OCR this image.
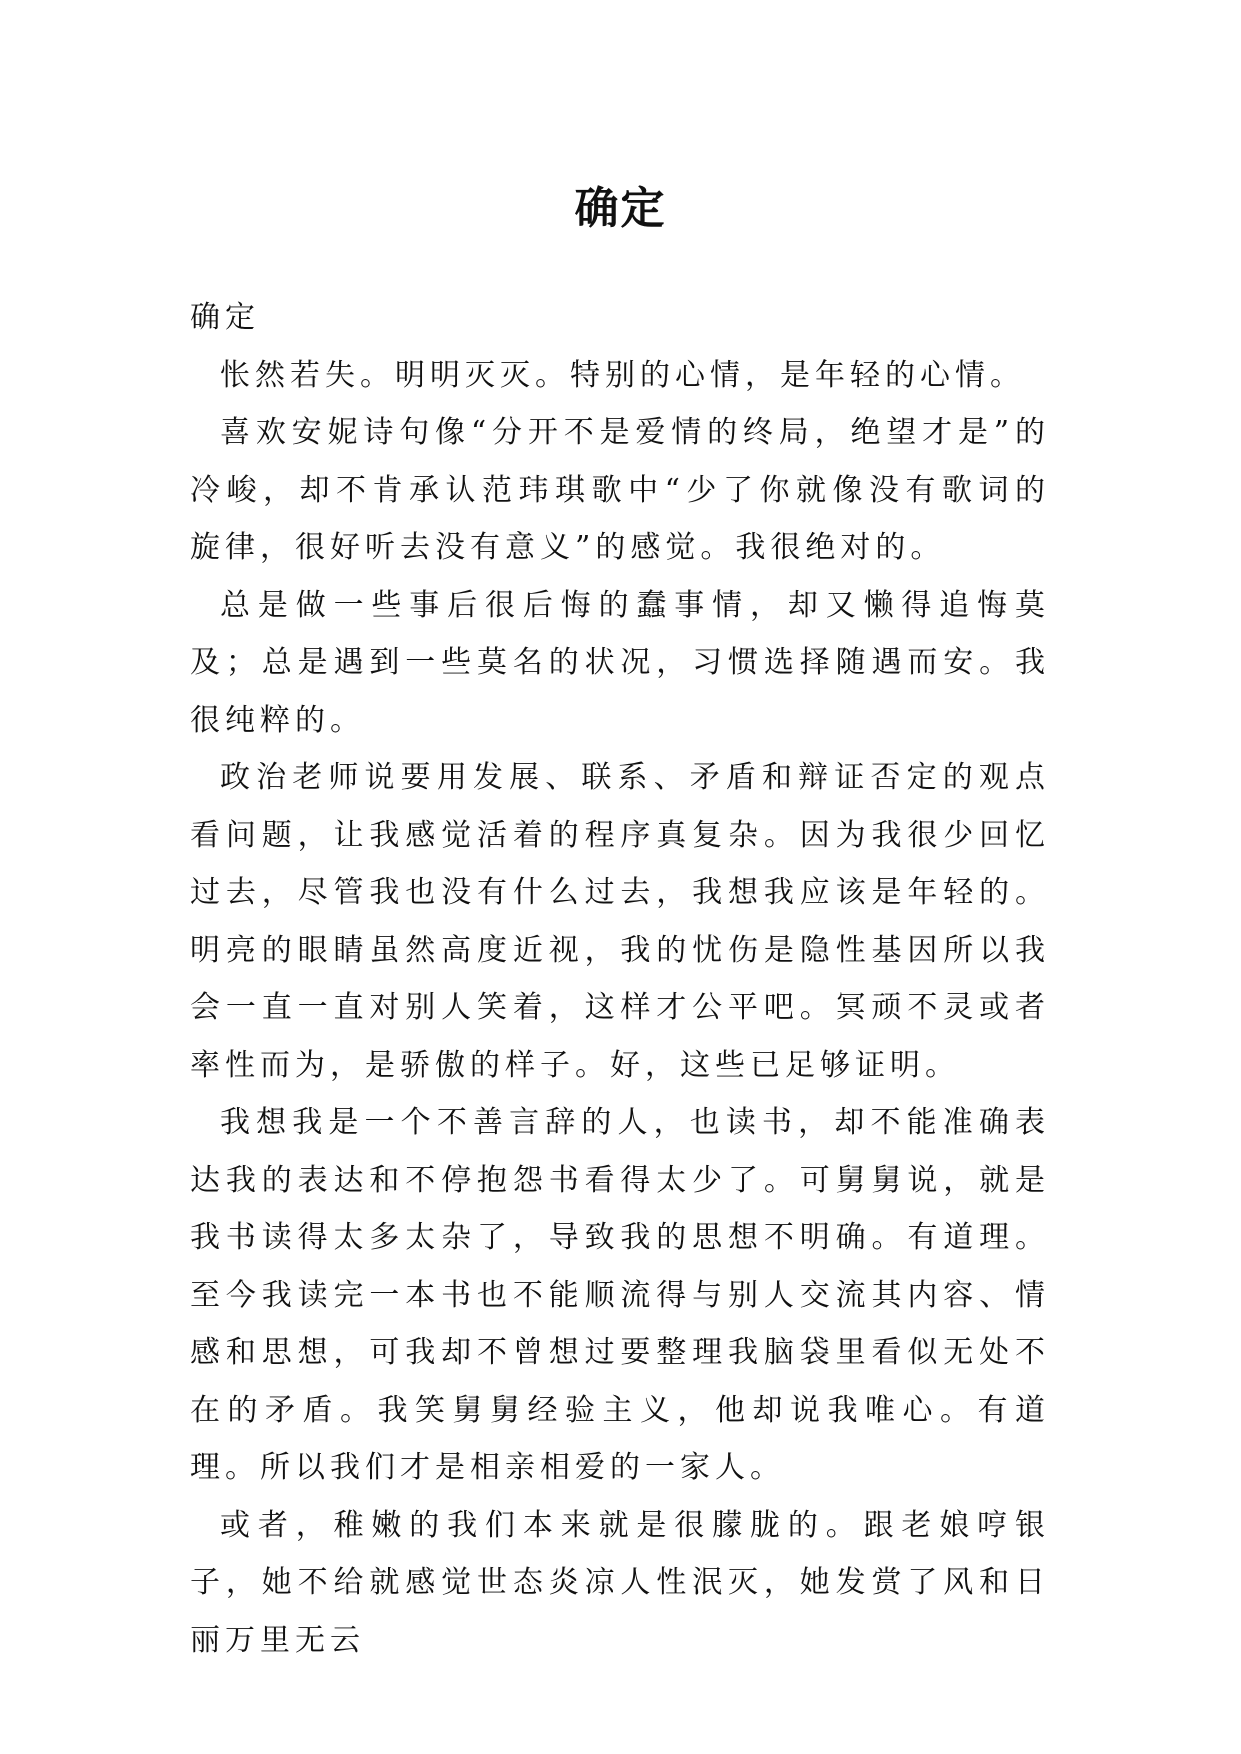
确定

确定

怅然若失。明明灭灭。特别的心情，是年轻的心情。

喜欢安妮诗句像“分开不是爱情的终局，绝望才是”的冷峻，却不肯承认范玮琪歌中“少了你就像没有歌词的旋律，很好听去没有意义”的感觉。我很绝对的。

总是做一些事后很后悔的蠢事情，却又懒得追悔莫及；总是遇到一些莫名的状况，习惯选择随遇而安。我很纯粹的。

政治老师说要用发展、联系、矛盾和辩证否定的观点看问题，让我感觉活着的程序真复杂。因为我很少回忆过去，尽管我也没有什么过去，我想我应该是年轻的。明亮的眼睛虽然高度近视，我的忧伤是隐性基因所以我会一直一直对别人笑着，这样才公平吧。冥顽不灵或者率性而为，是骄傲的样子。好，这些已足够证明。

我想我是一个不善言辞的人，也读书，却不能准确表达我的表达和不停抱怨书看得太少了。可舅舅说，就是我书读得太多太杂了，导致我的思想不明确。有道理。至今我读完一本书也不能顺流得与别人交流其内容、情感和思想，可我却不曾想过要整理我脑袋里看似无处不在的矛盾。我笑舅舅经验主义，他却说我唯心。有道理。所以我们才是相亲相爱的一家人。

或者，稚嫩的我们本来就是很朦胧的。跟老娘哼银子，她不给就感觉世态炎凉人性泯灭，她发赏了风和日丽万里无云
